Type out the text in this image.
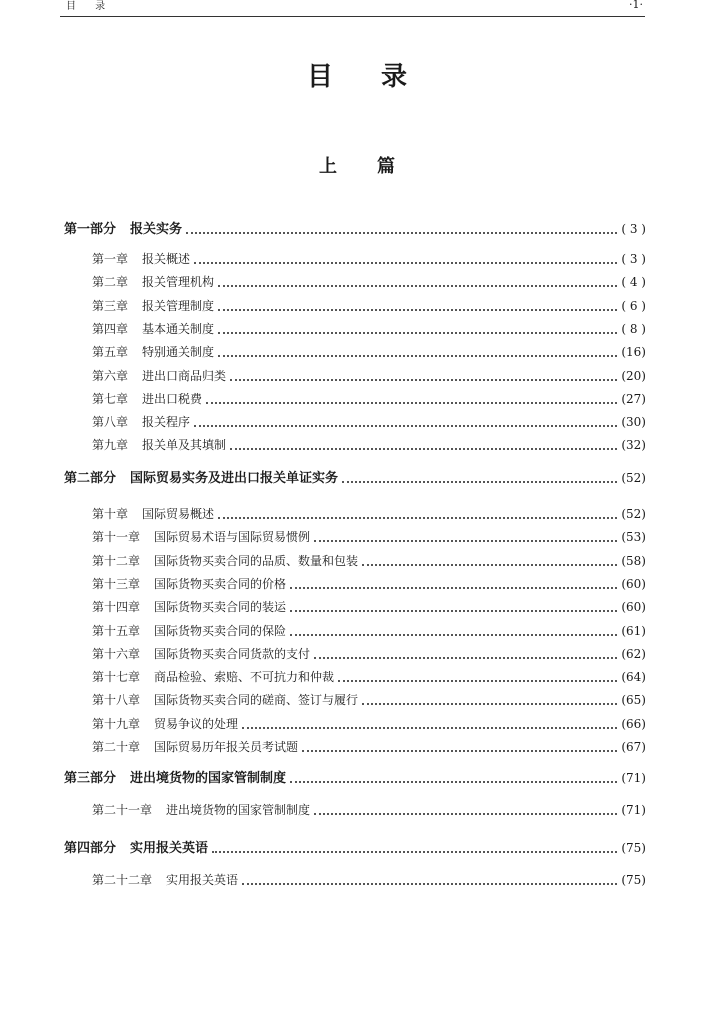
目 录	·1·
目 录
上 篇
第一部分 报关实务	( 3 )
第一章 报关概述	( 3 )
第二章 报关管理机构	( 4 )
第三章 报关管理制度	( 6 )
第四章 基本通关制度	( 8 )
第五章 特别通关制度	(16)
第六章 进出口商品归类	(20)
第七章 进出口税费	(27)
第八章 报关程序	(30)
第九章 报关单及其填制	(32)
第二部分 国际贸易实务及进出口报关单证实务	(52)
第十章 国际贸易概述	(52)
第十一章 国际贸易术语与国际贸易惯例	(53)
第十二章 国际货物买卖合同的品质、数量和包装	(58)
第十三章 国际货物买卖合同的价格	(60)
第十四章 国际货物买卖合同的装运	(60)
第十五章 国际货物买卖合同的保险	(61)
第十六章 国际货物买卖合同货款的支付	(62)
第十七章 商品检验、索赔、不可抗力和仲裁	(64)
第十八章 国际货物买卖合同的磋商、签订与履行	(65)
第十九章 贸易争议的处理	(66)
第二十章 国际贸易历年报关员考试题	(67)
第三部分 进出境货物的国家管制制度	(71)
第二十一章 进出境货物的国家管制制度	(71)
第四部分 实用报关英语	(75)
第二十二章 实用报关英语	(75)
